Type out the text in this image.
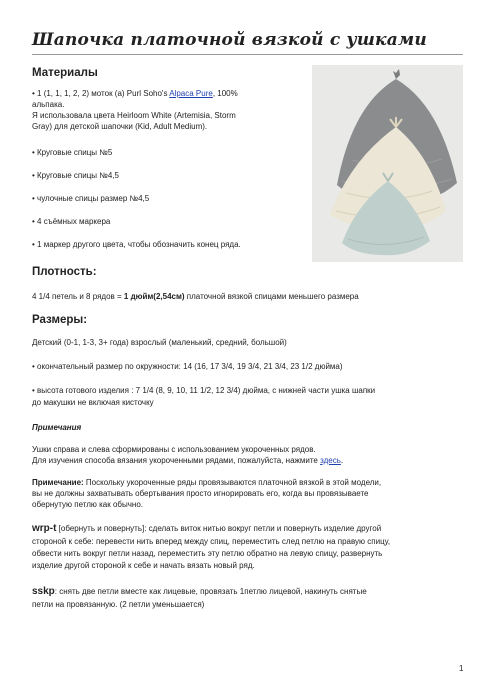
Шапочка платочной вязкой с ушками
Материалы
• 1 (1, 1, 1, 2, 2) моток (a) Purl Soho's Alpaca Pure, 100%
альпака.
Я использовала цвета Heirloom White (Artemisia, Storm
Gray) для детской шапочки (Kid, Adult Medium).
• Круговые спицы №5
• Круговые спицы №4,5
• чулочные спицы размер №4,5
• 4 съёмных маркера
• 1 маркер другого цвета, чтобы обозначить конец ряда.
Плотность:
4 1/4 петель и 8 рядов = 1 дюйм(2,54см) платочной вязкой спицами меньшего размера
Размеры:
Детский (0-1, 1-3, 3+ года) взрослый (маленький, средний, большой)
• окончательный размер по окружности: 14 (16, 17 3/4, 19 3/4, 21 3/4, 23 1/2 дюйма)
• высота готового изделия : 7 1/4 (8, 9, 10, 11 1/2, 12 3/4) дюйма, с нижней части ушка шапки
до макушки не включая кисточку
Примечания
Ушки справа и слева сформированы с использованием укороченных рядов.
Для изучения способа вязания укороченными рядами, пожалуйста, нажмите здесь.
Примечание: Поскольку укороченные ряды провязываются платочной вязкой в этой модели,
вы не должны захватывать обертывания просто игнорировать его, когда вы провязываете
обернутую петлю как обычно.
wrp-t [обернуть и повернуть]: сделать виток нитью вокруг петли и повернуть изделие другой
стороной к себе: перевести нить вперед между спиц, переместить след петлю на правую спицу,
обвести нить вокруг петли назад, переместить эту петлю обратно на левую спицу, развернуть
изделие другой стороной к себе и начать вязать новый ряд.
sskp: снять две петли вместе как лицевые, провязать 1петлю лицевой, накинуть снятые
петли на провязанную. (2 петли уменьшается)
1
